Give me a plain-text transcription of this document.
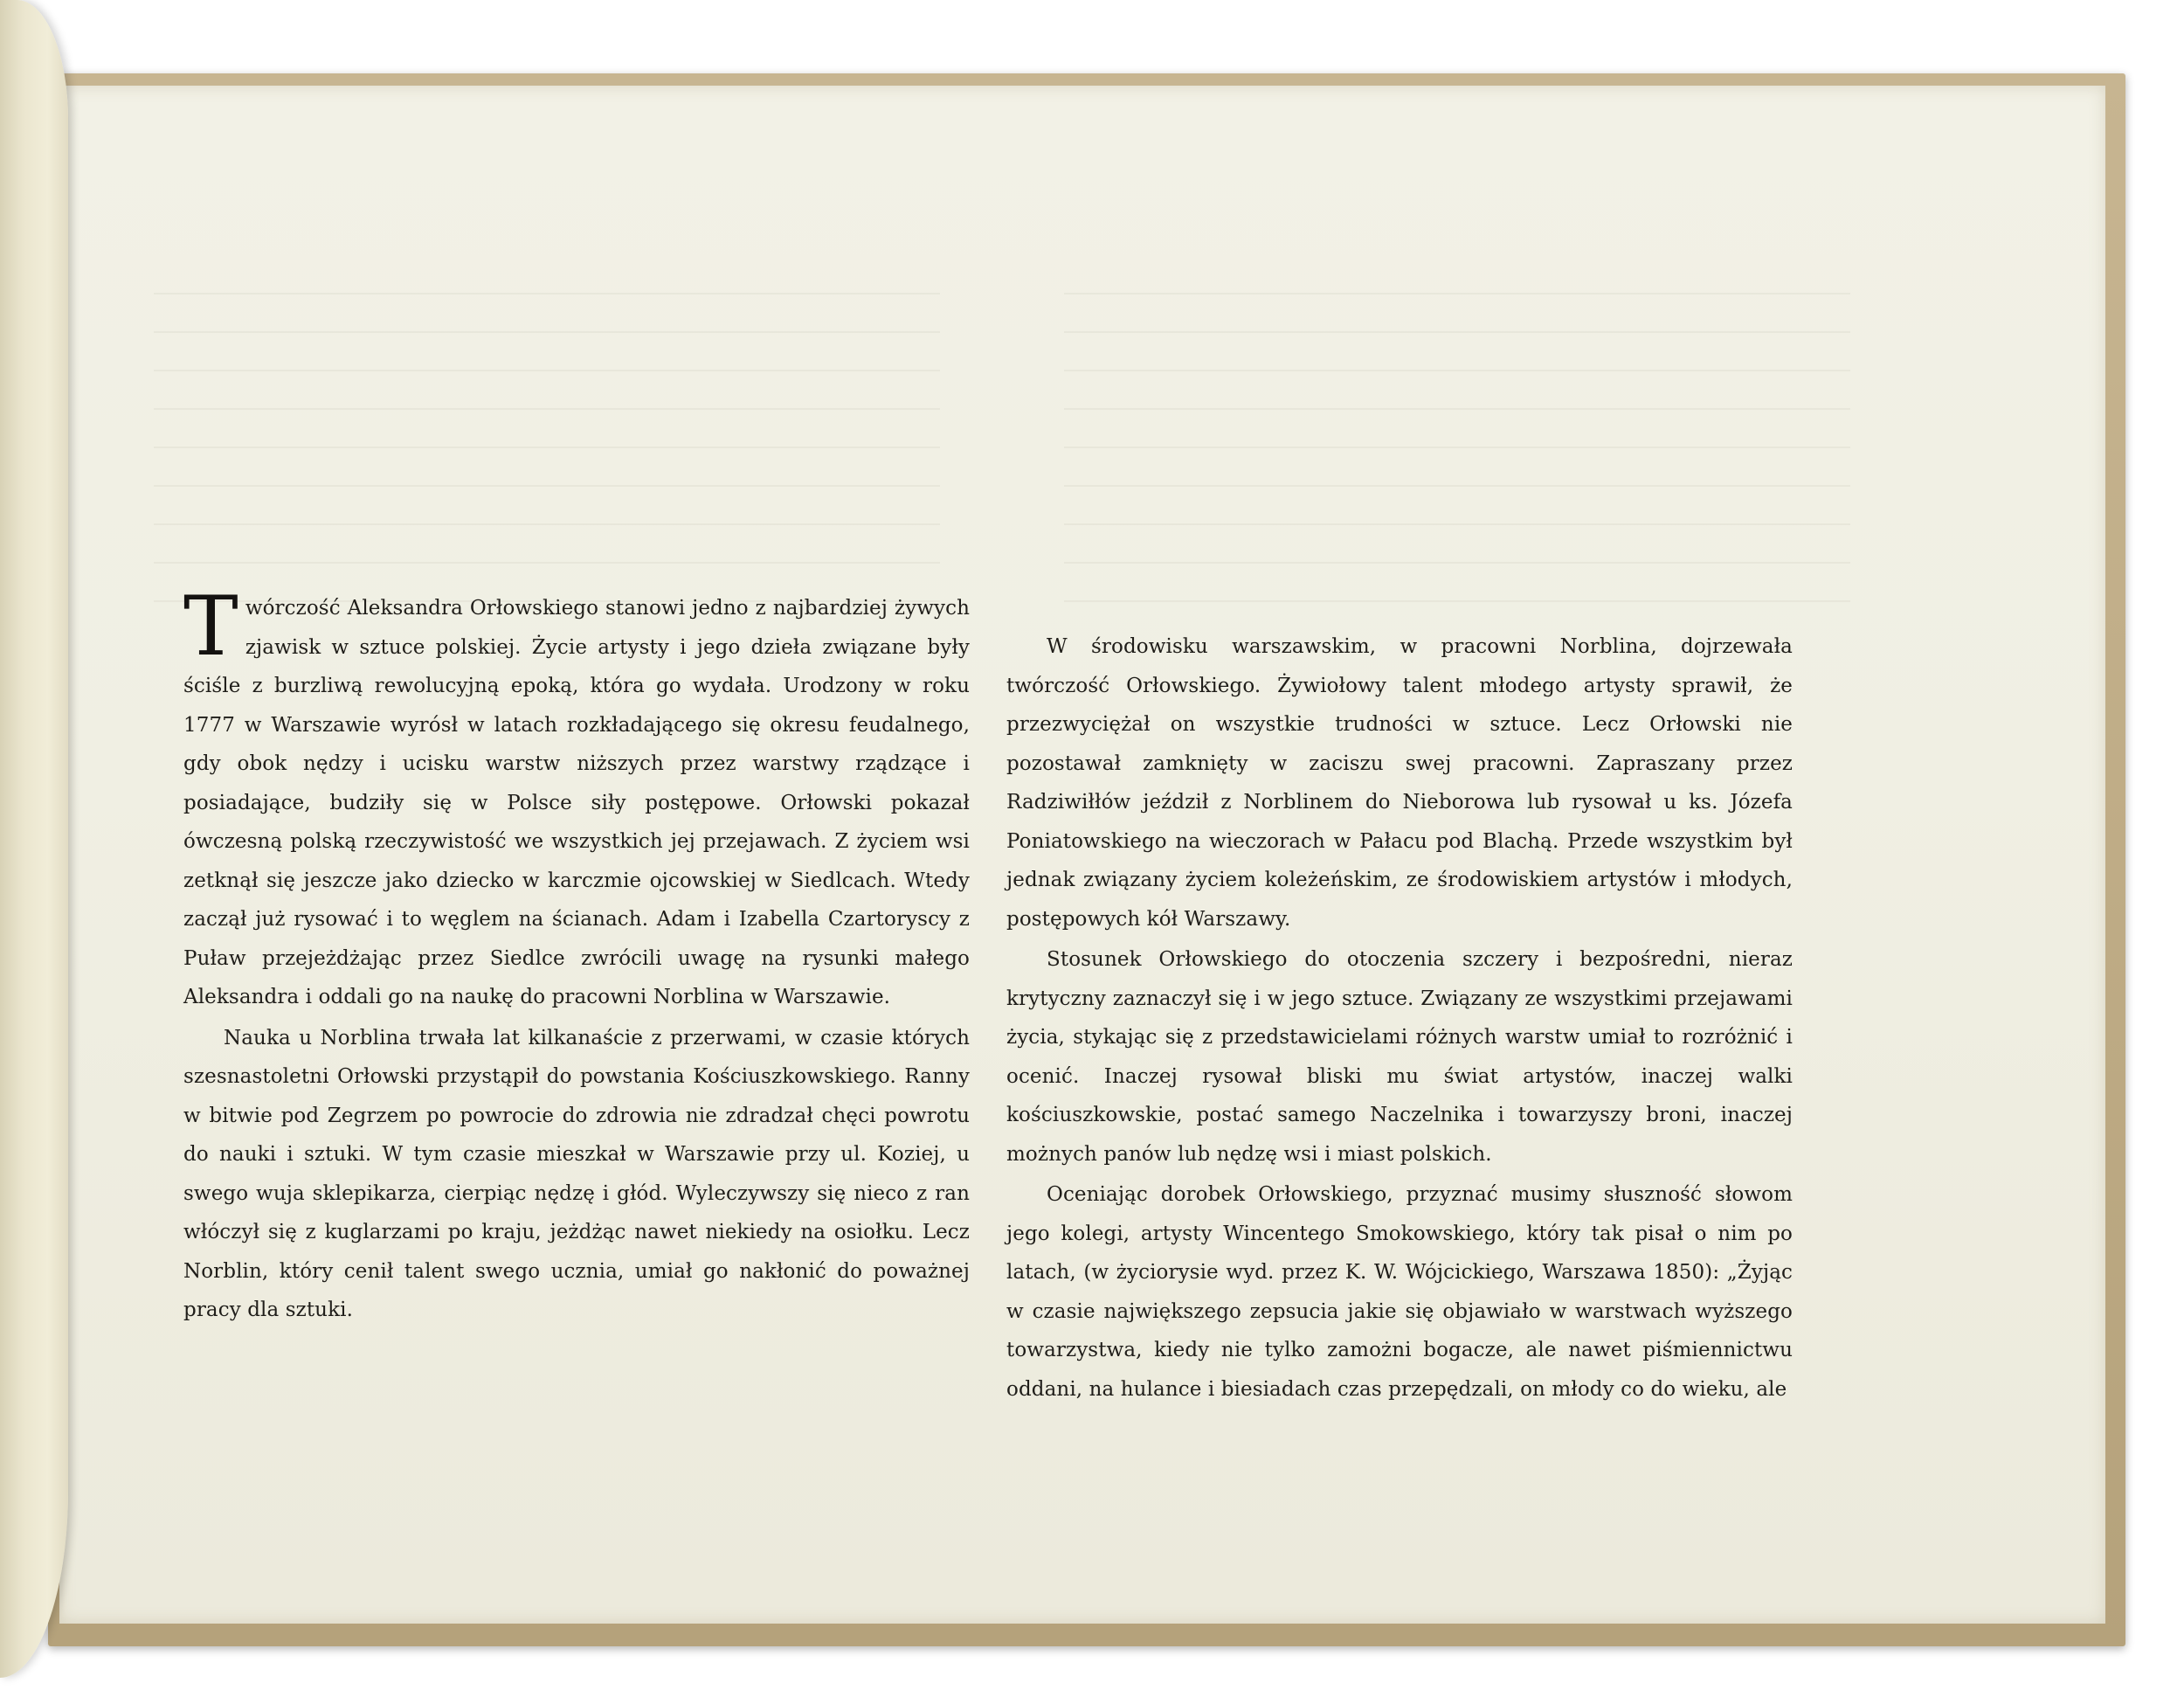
T wórczość Aleksandra Orłowskiego stanowi jedno z najbardziej żywych zjawisk w sztuce polskiej. Życie artysty i jego dzieła związane były ściśle z burzliwą rewolucyjną epoką, która go wydała. Urodzony w roku 1777 w Warszawie wyrósł w latach rozkładającego się okresu feudalnego, gdy obok nędzy i ucisku warstw niższych przez warstwy rządzące i posiadające, budziły się w Polsce siły postępowe. Orłowski pokazał ówczesną polską rzeczywistość we wszystkich jej przejawach. Z życiem wsi zetknął się jeszcze jako dziecko w karczmie ojcowskiej w Siedlcach. Wtedy zaczął już rysować i to węglem na ścianach. Adam i Izabella Czartoryscy z Puław przejeżdżając przez Siedlce zwrócili uwagę na rysunki małego Aleksandra i oddali go na naukę do pracowni Norblina w Warszawie.

Nauka u Norblina trwała lat kilkanaście z przerwami, w czasie których szesnastoletni Orłowski przystąpił do powstania Kościuszkowskiego. Ranny w bitwie pod Zegrzem po powrocie do zdrowia nie zdradzał chęci powrotu do nauki i sztuki. W tym czasie mieszkał w Warszawie przy ul. Koziej, u swego wuja sklepikarza, cierpiąc nędzę i głód. Wyleczywszy się nieco z ran włóczył się z kuglarzami po kraju, jeżdżąc nawet niekiedy na osiołku. Lecz Norblin, który cenił talent swego ucznia, umiał go nakłonić do poważnej pracy dla sztuki.

W środowisku warszawskim, w pracowni Norblina, dojrzewała twórczość Orłowskiego. Żywiołowy talent młodego artysty sprawił, że przezwyciężał on wszystkie trudności w sztuce. Lecz Orłowski nie pozostawał zamknięty w zaciszu swej pracowni. Zapraszany przez Radziwiłłów jeździł z Norblinem do Nieborowa lub rysował u ks. Józefa Poniatowskiego na wieczorach w Pałacu pod Blachą. Przede wszystkim był jednak związany życiem koleżeńskim, ze środowiskiem artystów i młodych, postępowych kół Warszawy.

Stosunek Orłowskiego do otoczenia szczery i bezpośredni, nieraz krytyczny zaznaczył się i w jego sztuce. Związany ze wszystkimi przejawami życia, stykając się z przedstawicielami różnych warstw umiał to rozróżnić i ocenić. Inaczej rysował bliski mu świat artystów, inaczej walki kościuszkowskie, postać samego Naczelnika i towarzyszy broni, inaczej możnych panów lub nędzę wsi i miast polskich.

Oceniając dorobek Orłowskiego, przyznać musimy słuszność słowom jego kolegi, artysty Wincentego Smokowskiego, który tak pisał o nim po latach, (w życiorysie wyd. przez K. W. Wójcickiego, Warszawa 1850): „Żyjąc w czasie największego zepsucia jakie się objawiało w warstwach wyższego towarzystwa, kiedy nie tylko zamożni bogacze, ale nawet piśmiennictwu oddani, na hulance i biesiadach czas przepędzali, on młody co do wieku, ale
